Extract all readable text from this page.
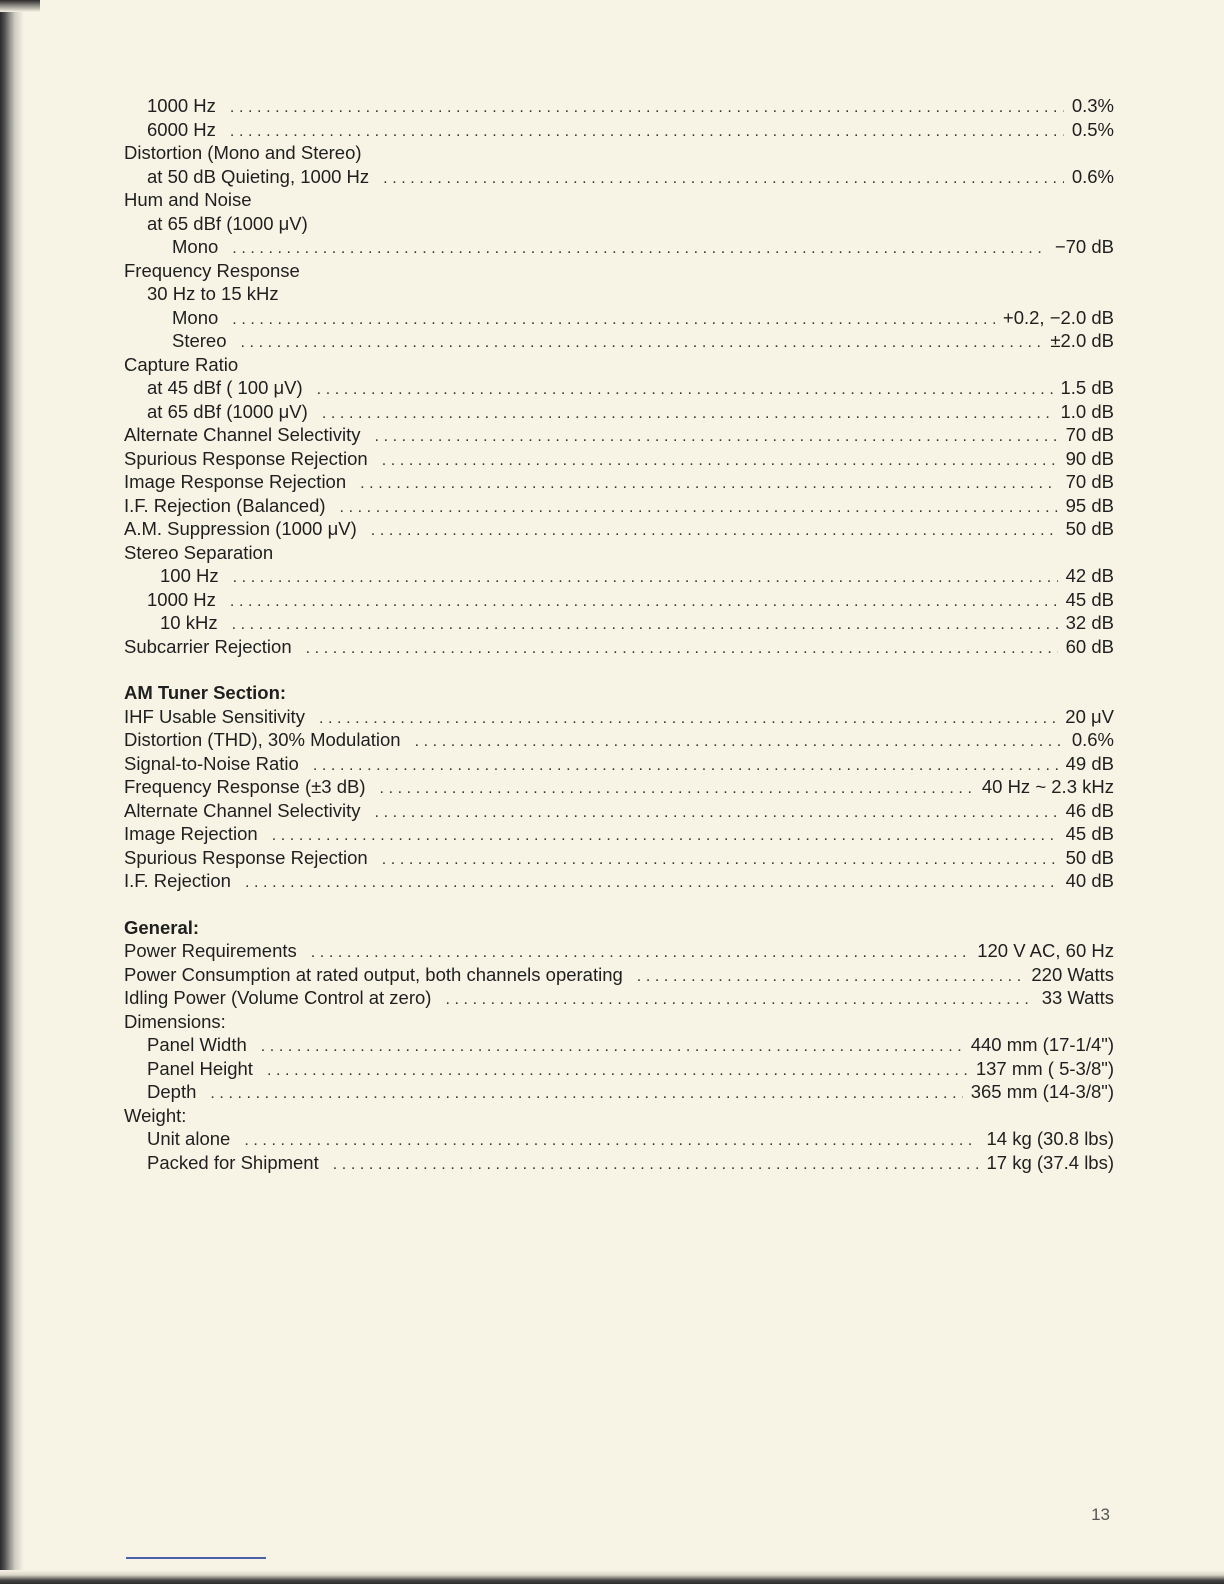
1000 Hz .....	0.3%
6000 Hz .....	0.5%
Distortion (Mono and Stereo)
at 50 dB Quieting, 1000 Hz .....	0.6%
Hum and Noise
at 65 dBf (1000 μV)
Mono .....	−70 dB
Frequency Response
30 Hz to 15 kHz
Mono .....	+0.2, −2.0 dB
Stereo .....	±2.0 dB
Capture Ratio
at 45 dBf ( 100 μV) .....	1.5 dB
at 65 dBf (1000 μV) .....	1.0 dB
Alternate Channel Selectivity .....	70 dB
Spurious Response Rejection .....	90 dB
Image Response Rejection .....	70 dB
I.F. Rejection (Balanced) .....	95 dB
A.M. Suppression (1000 μV) .....	50 dB
Stereo Separation
100 Hz .....	42 dB
1000 Hz .....	45 dB
10 kHz .....	32 dB
Subcarrier Rejection .....	60 dB
AM Tuner Section:
IHF Usable Sensitivity .....	20 μV
Distortion (THD), 30% Modulation .....	0.6%
Signal-to-Noise Ratio .....	49 dB
Frequency Response (±3 dB) .....	40 Hz ~ 2.3 kHz
Alternate Channel Selectivity .....	46 dB
Image Rejection .....	45 dB
Spurious Response Rejection .....	50 dB
I.F. Rejection .....	40 dB
General:
Power Requirements .....	120 V AC, 60 Hz
Power Consumption at rated output, both channels operating .....	220 Watts
Idling Power (Volume Control at zero) .....	33 Watts
Dimensions:
Panel Width .....	440 mm (17-1/4")
Panel Height .....	137 mm ( 5-3/8")
Depth .....	365 mm (14-3/8")
Weight:
Unit alone .....	14 kg (30.8 lbs)
Packed for Shipment .....	17 kg (37.4 lbs)
13
